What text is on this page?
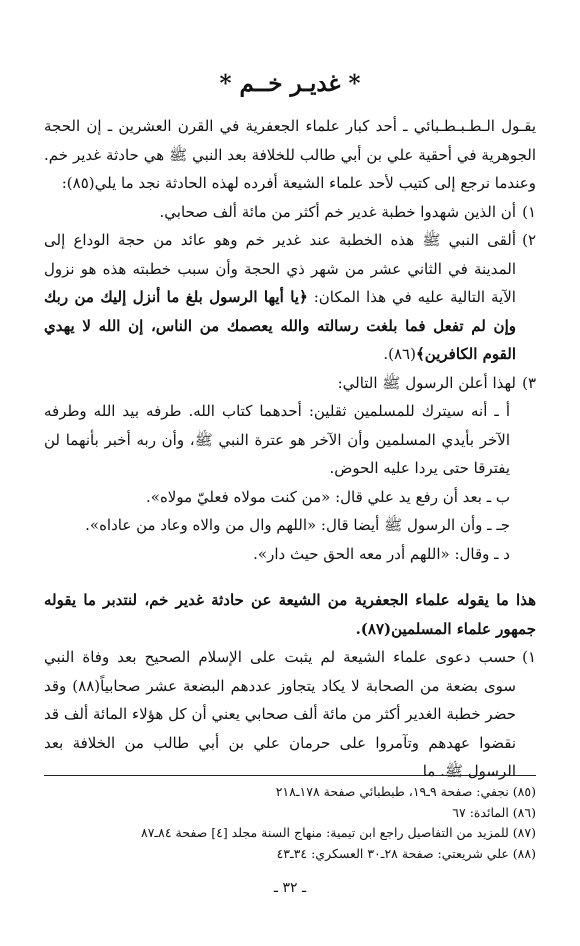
* غديـر خــم *

يقـول الـطـبـطـبائي ـ أحد كبار علماء الجعفرية في القرن العشرين ـ إن الحجة الجوهرية في أحقية علي بن أبي طالب للخلافة بعد النبي ﷺ هي حادثة غدير خم. وعندما نرجع إلى كتيب لأحد علماء الشيعة أفرده لهذه الحادثة نجد ما يلي(٨٥):

١)
أن الذين شهدوا خطبة غدير خم أكثر من مائة ألف صحابي.
٢)
ألقى النبي ﷺ هذه الخطبة عند غدير خم وهو عائد من حجة الوداع إلى المدينة في الثاني عشر من شهر ذي الحجة وأن سبب خطبته هذه هو نزول الآية التالية عليه في هذا المكان: ﴿يا أيها الرسول بلغ ما أنزل إليك من ربك وإن لم تفعل فما بلغت رسالته والله يعصمك من الناس، إن الله لا يهدي القوم الكافرين﴾(٨٦).
٣)
لهذا أعلن الرسول ﷺ التالي:

أ ـ أنه سيترك للمسلمين ثقلين: أحدهما كتاب الله. طرفه بيد الله وطرفه الآخر بأيدي المسلمين وأن الآخر هو عترة النبي ﷺ، وأن ربه أخبر بأنهما لن يفترقا حتى يردا عليه الحوض.

ب ـ بعد أن رفع يد علي قال: «من كنت مولاه فعليّ مولاه».

جـ ـ وأن الرسول ﷺ أيضا قال: «اللهم وال من والاه وعاد من عاداه».

د ـ وقال: «اللهم أدر معه الحق حيث دار».

هذا ما يقوله علماء الجعفرية من الشيعة عن حادثة غدير خم، لنتدبر ما يقوله جمهور علماء المسلمين(٨٧).

١)
حسب دعوى علماء الشيعة لم يثبت على الإسلام الصحيح بعد وفاة النبي سوى بضعة من الصحابة لا يكاد يتجاوز عددهم البضعة عشر صحابياً(٨٨) وقد حضر خطبة الغدير أكثر من مائة ألف صحابي يعني أن كل هؤلاء المائة ألف قد نقضوا عهدهم وتآمروا على حرمان علي بن أبي طالب من الخلافة بعد الرسول ﷺ. ما
(٨٥) نجفي: صفحة ٩ـ١٩، طبطبائي صفحة ١٧٨ـ٢١٨
(٨٦) المائدة: ٦٧
(٨٧) للمزيد من التفاصيل راجع ابن تيمية: منهاج السنة مجلد [٤] صفحة ٨٤ـ٨٧
(٨٨) علي شريعتي: صفحة ٢٨ـ٣٠ العسكري: ٣٤ـ٤٣
ـ ٣٢ ـ
